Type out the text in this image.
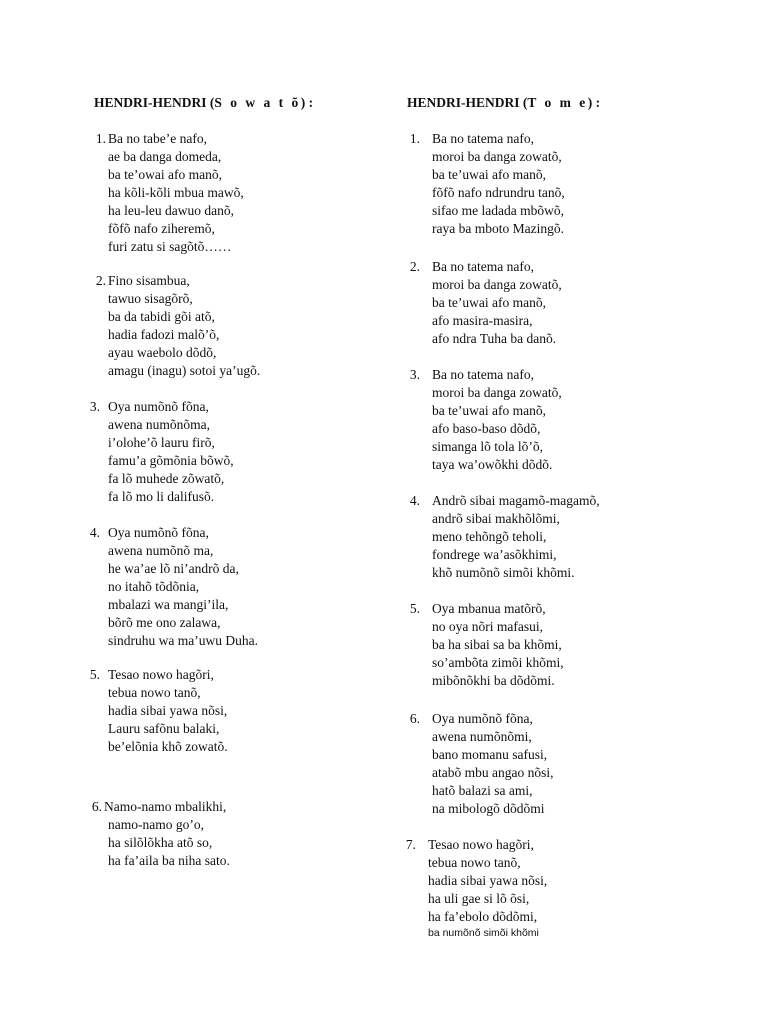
HENDRI-HENDRI (S o w a t õ) :
1. Ba no tabe’e nafo,
ae ba danga domeda,
ba te’owai afo manõ,
ha kõli-kõli mbua mawõ,
ha leu-leu dawuo danõ,
fõfõ nafo ziheremõ,
furi zatu si sagõtõ……
2. Fino sisambua,
tawuo sisagõrõ,
ba da tabidi gõi atõ,
hadia fadozi malõ’õ,
ayau waebolo dõdõ,
amagu (inagu) sotoi ya’ugõ.
3. Oya numõnõ fõna,
awena numõnõma,
i’olohe’õ lauru firõ,
famu’a gõmõnia bõwõ,
fa lõ muhede zõwatõ,
fa lõ mo li dalifusõ.
4. Oya numõnõ fõna,
awena numõnõ ma,
he wa’ae lõ ni’andrõ da,
no itahõ tõdõnia,
mbalazi wa mangi’ila,
bõrõ me ono zalawa,
sindruhu wa ma’uwu Duha.
5. Tesao nowo hagõri,
tebua nowo tanõ,
hadia sibai yawa nõsi,
Lauru safõnu balaki,
be’elõnia khõ zowatõ.
6. Namo-namo mbalikhi,
namo-namo go’o,
ha silõlõkha atõ so,
ha fa’aila ba niha sato.
HENDRI-HENDRI (T o m e) :
1. Ba no tatema nafo,
moroi ba danga zowatõ,
ba te’uwai afo manõ,
fõfõ nafo ndrundru tanõ,
sifao me ladada mbõwõ,
raya ba mboto Mazingõ.
2. Ba no tatema nafo,
moroi ba danga zowatõ,
ba te’uwai afo manõ,
afo masira-masira,
afo ndra Tuha ba danõ.
3. Ba no tatema nafo,
moroi ba danga zowatõ,
ba te’uwai afo manõ,
afo baso-baso dõdõ,
simanga lõ tola lõ’õ,
taya wa’owõkhi dõdõ.
4. Andrõ sibai magamõ-magamõ,
andrõ sibai makhõlõmi,
meno tehõngõ teholi,
fondrege wa’asõkhimi,
khõ numõnõ simõi khõmi.
5. Oya mbanua matõrõ,
no oya nõri mafasui,
ba ha sibai sa ba khõmi,
so’ambõta zimõi khõmi,
mibõnõkhi ba dõdõmi.
6. Oya numõnõ fõna,
awena numõnõmi,
bano momanu safusi,
atabõ mbu angao nõsi,
hatõ balazi sa ami,
na mibologõ dõdõmi
7. Tesao nowo hagõri,
tebua nowo tanõ,
hadia sibai yawa nõsi,
ha uli gae si lõ õsi,
ha fa’ebolo dõdõmi,
ba numõnõ simõi khõmi
